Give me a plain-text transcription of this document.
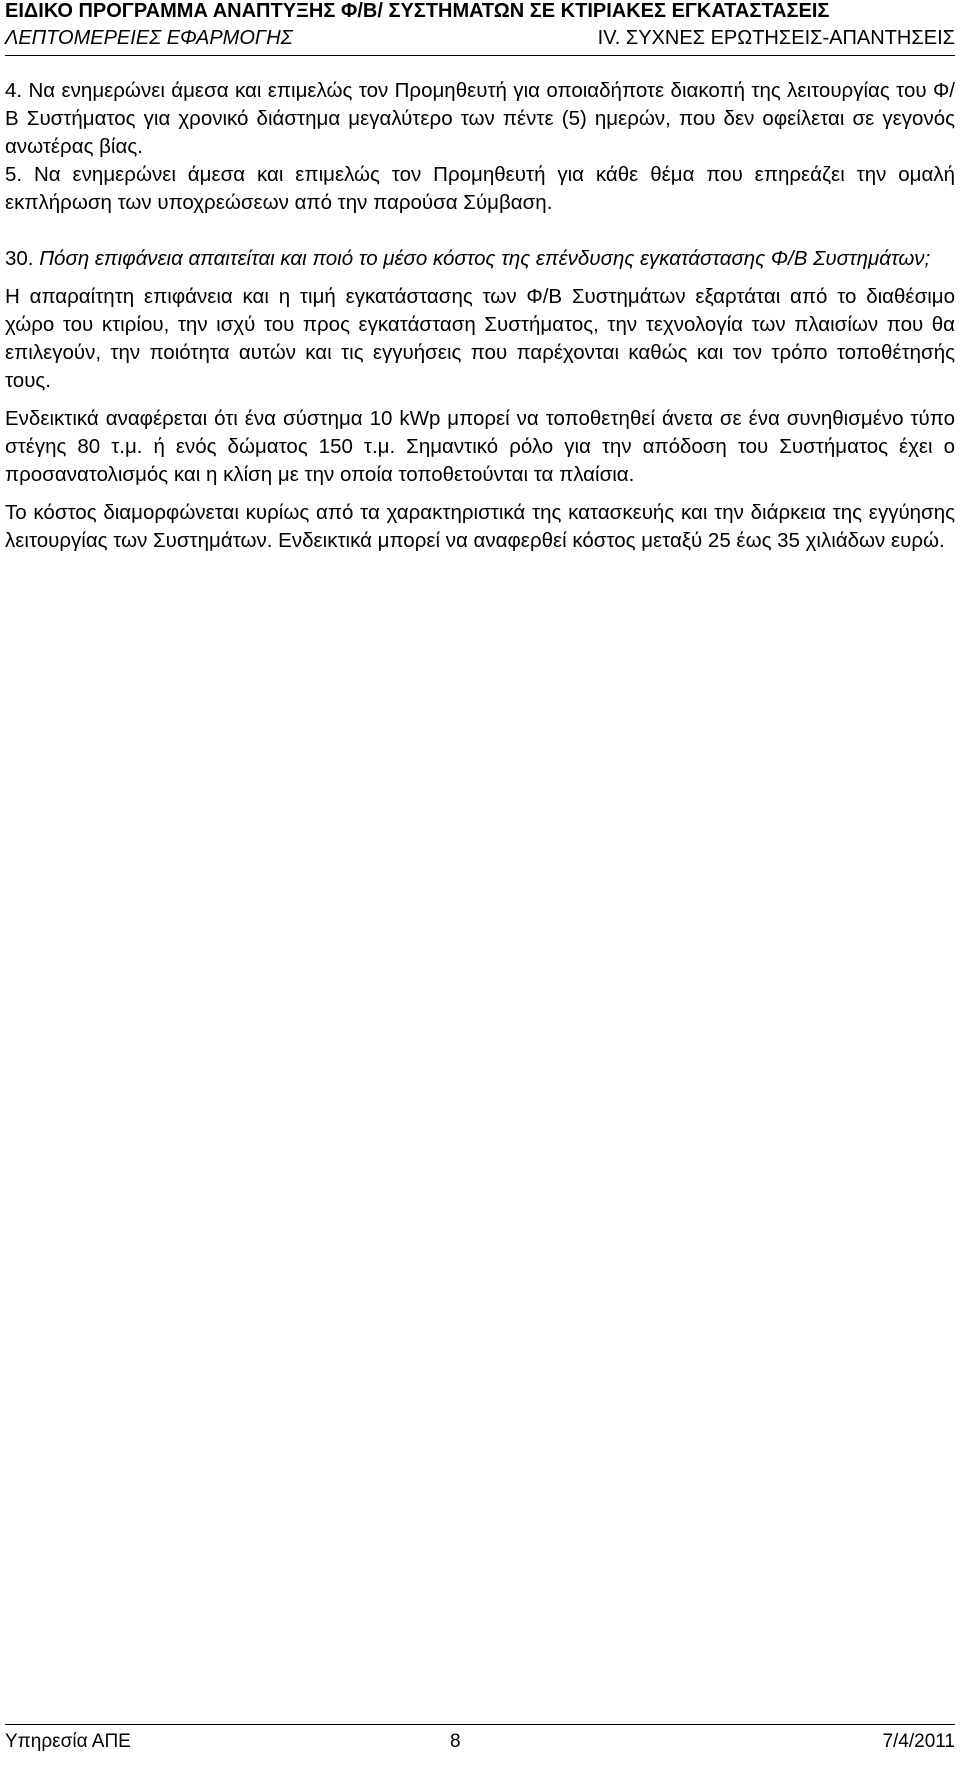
ΕΙΔΙΚΟ ΠΡΟΓΡΑΜΜΑ ΑΝΑΠΤΥΞΗΣ Φ/Β/ ΣΥΣΤΗΜΑΤΩΝ ΣΕ ΚΤΙΡΙΑΚΕΣ ΕΓΚΑΤΑΣΤΑΣΕΙΣ
ΛΕΠΤΟΜΕΡΕΙΕΣ ΕΦΑΡΜΟΓΗΣ	IV. ΣΥΧΝΕΣ ΕΡΩΤΗΣΕΙΣ-ΑΠΑΝΤΗΣΕΙΣ

4. Να ενημερώνει άμεσα και επιμελώς τον Προμηθευτή για οποιαδήποτε διακοπή της λειτουργίας του Φ/Β Συστήματος για χρονικό διάστημα μεγαλύτερο των πέντε (5) ημερών, που δεν οφείλεται σε γεγονός ανωτέρας βίας.

5. Να ενημερώνει άμεσα και επιμελώς τον Προμηθευτή για κάθε θέμα που επηρεάζει την ομαλή εκπλήρωση των υποχρεώσεων από την παρούσα Σύμβαση.

30. Πόση επιφάνεια απαιτείται και ποιό το μέσο κόστος της επένδυσης εγκατάστασης Φ/Β Συστημάτων;

Η απαραίτητη επιφάνεια και η τιμή εγκατάστασης των Φ/Β Συστημάτων εξαρτάται από το διαθέσιμο χώρο του κτιρίου, την ισχύ του προς εγκατάσταση Συστήματος, την τεχνολογία των πλαισίων που θα επιλεγούν, την ποιότητα αυτών και τις εγγυήσεις που παρέχονται καθώς και τον τρόπο τοποθέτησής τους.

Ενδεικτικά αναφέρεται ότι ένα σύστημα 10 kWp μπορεί να τοποθετηθεί άνετα σε ένα συνηθισμένο τύπο στέγης 80 τ.μ. ή ενός δώματος 150 τ.μ. Σημαντικό ρόλο για την απόδοση του Συστήματος έχει ο προσανατολισμός και η κλίση με την οποία τοποθετούνται τα πλαίσια.

Το κόστος διαμορφώνεται κυρίως από τα χαρακτηριστικά της κατασκευής και την διάρκεια της εγγύησης λειτουργίας των Συστημάτων. Ενδεικτικά μπορεί να αναφερθεί κόστος μεταξύ 25 έως 35 χιλιάδων ευρώ.

Υπηρεσία ΑΠΕ	8	7/4/2011
